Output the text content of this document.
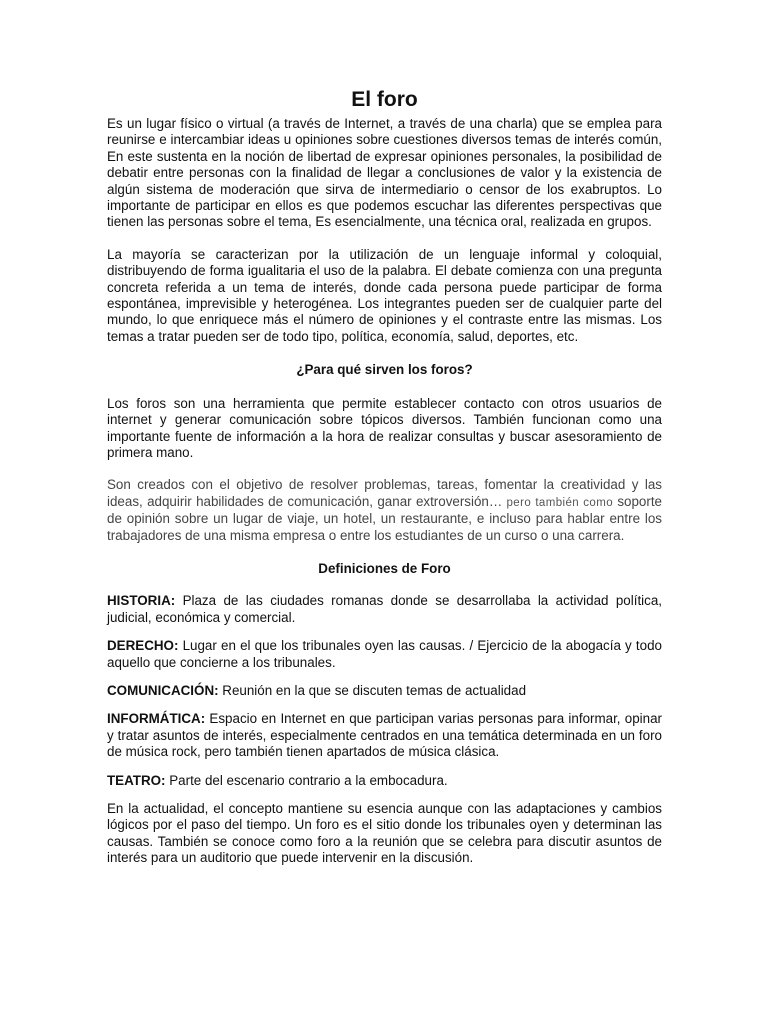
El foro

Es un lugar físico o virtual (a través de Internet, a través de una charla) que se emplea para reunirse e intercambiar ideas u opiniones sobre cuestiones diversos temas de interés común, En este sustenta en la noción de libertad de expresar opiniones personales, la posibilidad de debatir entre personas con la finalidad de llegar a conclusiones de valor y la existencia de algún sistema de moderación que sirva de intermediario o censor de los exabruptos. Lo importante de participar en ellos es que podemos escuchar las diferentes perspectivas que tienen las personas sobre el tema, Es esencialmente, una técnica oral, realizada en grupos.

La mayoría se caracterizan por la utilización de un lenguaje informal y coloquial, distribuyendo de forma igualitaria el uso de la palabra. El debate comienza con una pregunta concreta referida a un tema de interés, donde cada persona puede participar de forma espontánea, imprevisible y heterogénea. Los integrantes pueden ser de cualquier parte del mundo, lo que enriquece más el número de opiniones y el contraste entre las mismas. Los temas a tratar pueden ser de todo tipo, política, economía, salud, deportes, etc.

¿Para qué sirven los foros?

Los foros son una herramienta que permite establecer contacto con otros usuarios de internet y generar comunicación sobre tópicos diversos. También funcionan como una importante fuente de información a la hora de realizar consultas y buscar asesoramiento de primera mano.

Son creados con el objetivo de resolver problemas, tareas, fomentar la creatividad y las ideas, adquirir habilidades de comunicación, ganar extroversión… pero también como soporte de opinión sobre un lugar de viaje, un hotel, un restaurante, e incluso para hablar entre los trabajadores de una misma empresa o entre los estudiantes de un curso o una carrera.

Definiciones de Foro

HISTORIA: Plaza de las ciudades romanas donde se desarrollaba la actividad política, judicial, económica y comercial.

DERECHO: Lugar en el que los tribunales oyen las causas. / Ejercicio de la abogacía y todo aquello que concierne a los tribunales.

COMUNICACIÓN: Reunión en la que se discuten temas de actualidad

INFORMÁTICA: Espacio en Internet en que participan varias personas para informar, opinar y tratar asuntos de interés, especialmente centrados en una temática determinada en un foro de música rock, pero también tienen apartados de música clásica.

TEATRO: Parte del escenario contrario a la embocadura.

En la actualidad, el concepto mantiene su esencia aunque con las adaptaciones y cambios lógicos por el paso del tiempo. Un foro es el sitio donde los tribunales oyen y determinan las causas. También se conoce como foro a la reunión que se celebra para discutir asuntos de interés para un auditorio que puede intervenir en la discusión.
